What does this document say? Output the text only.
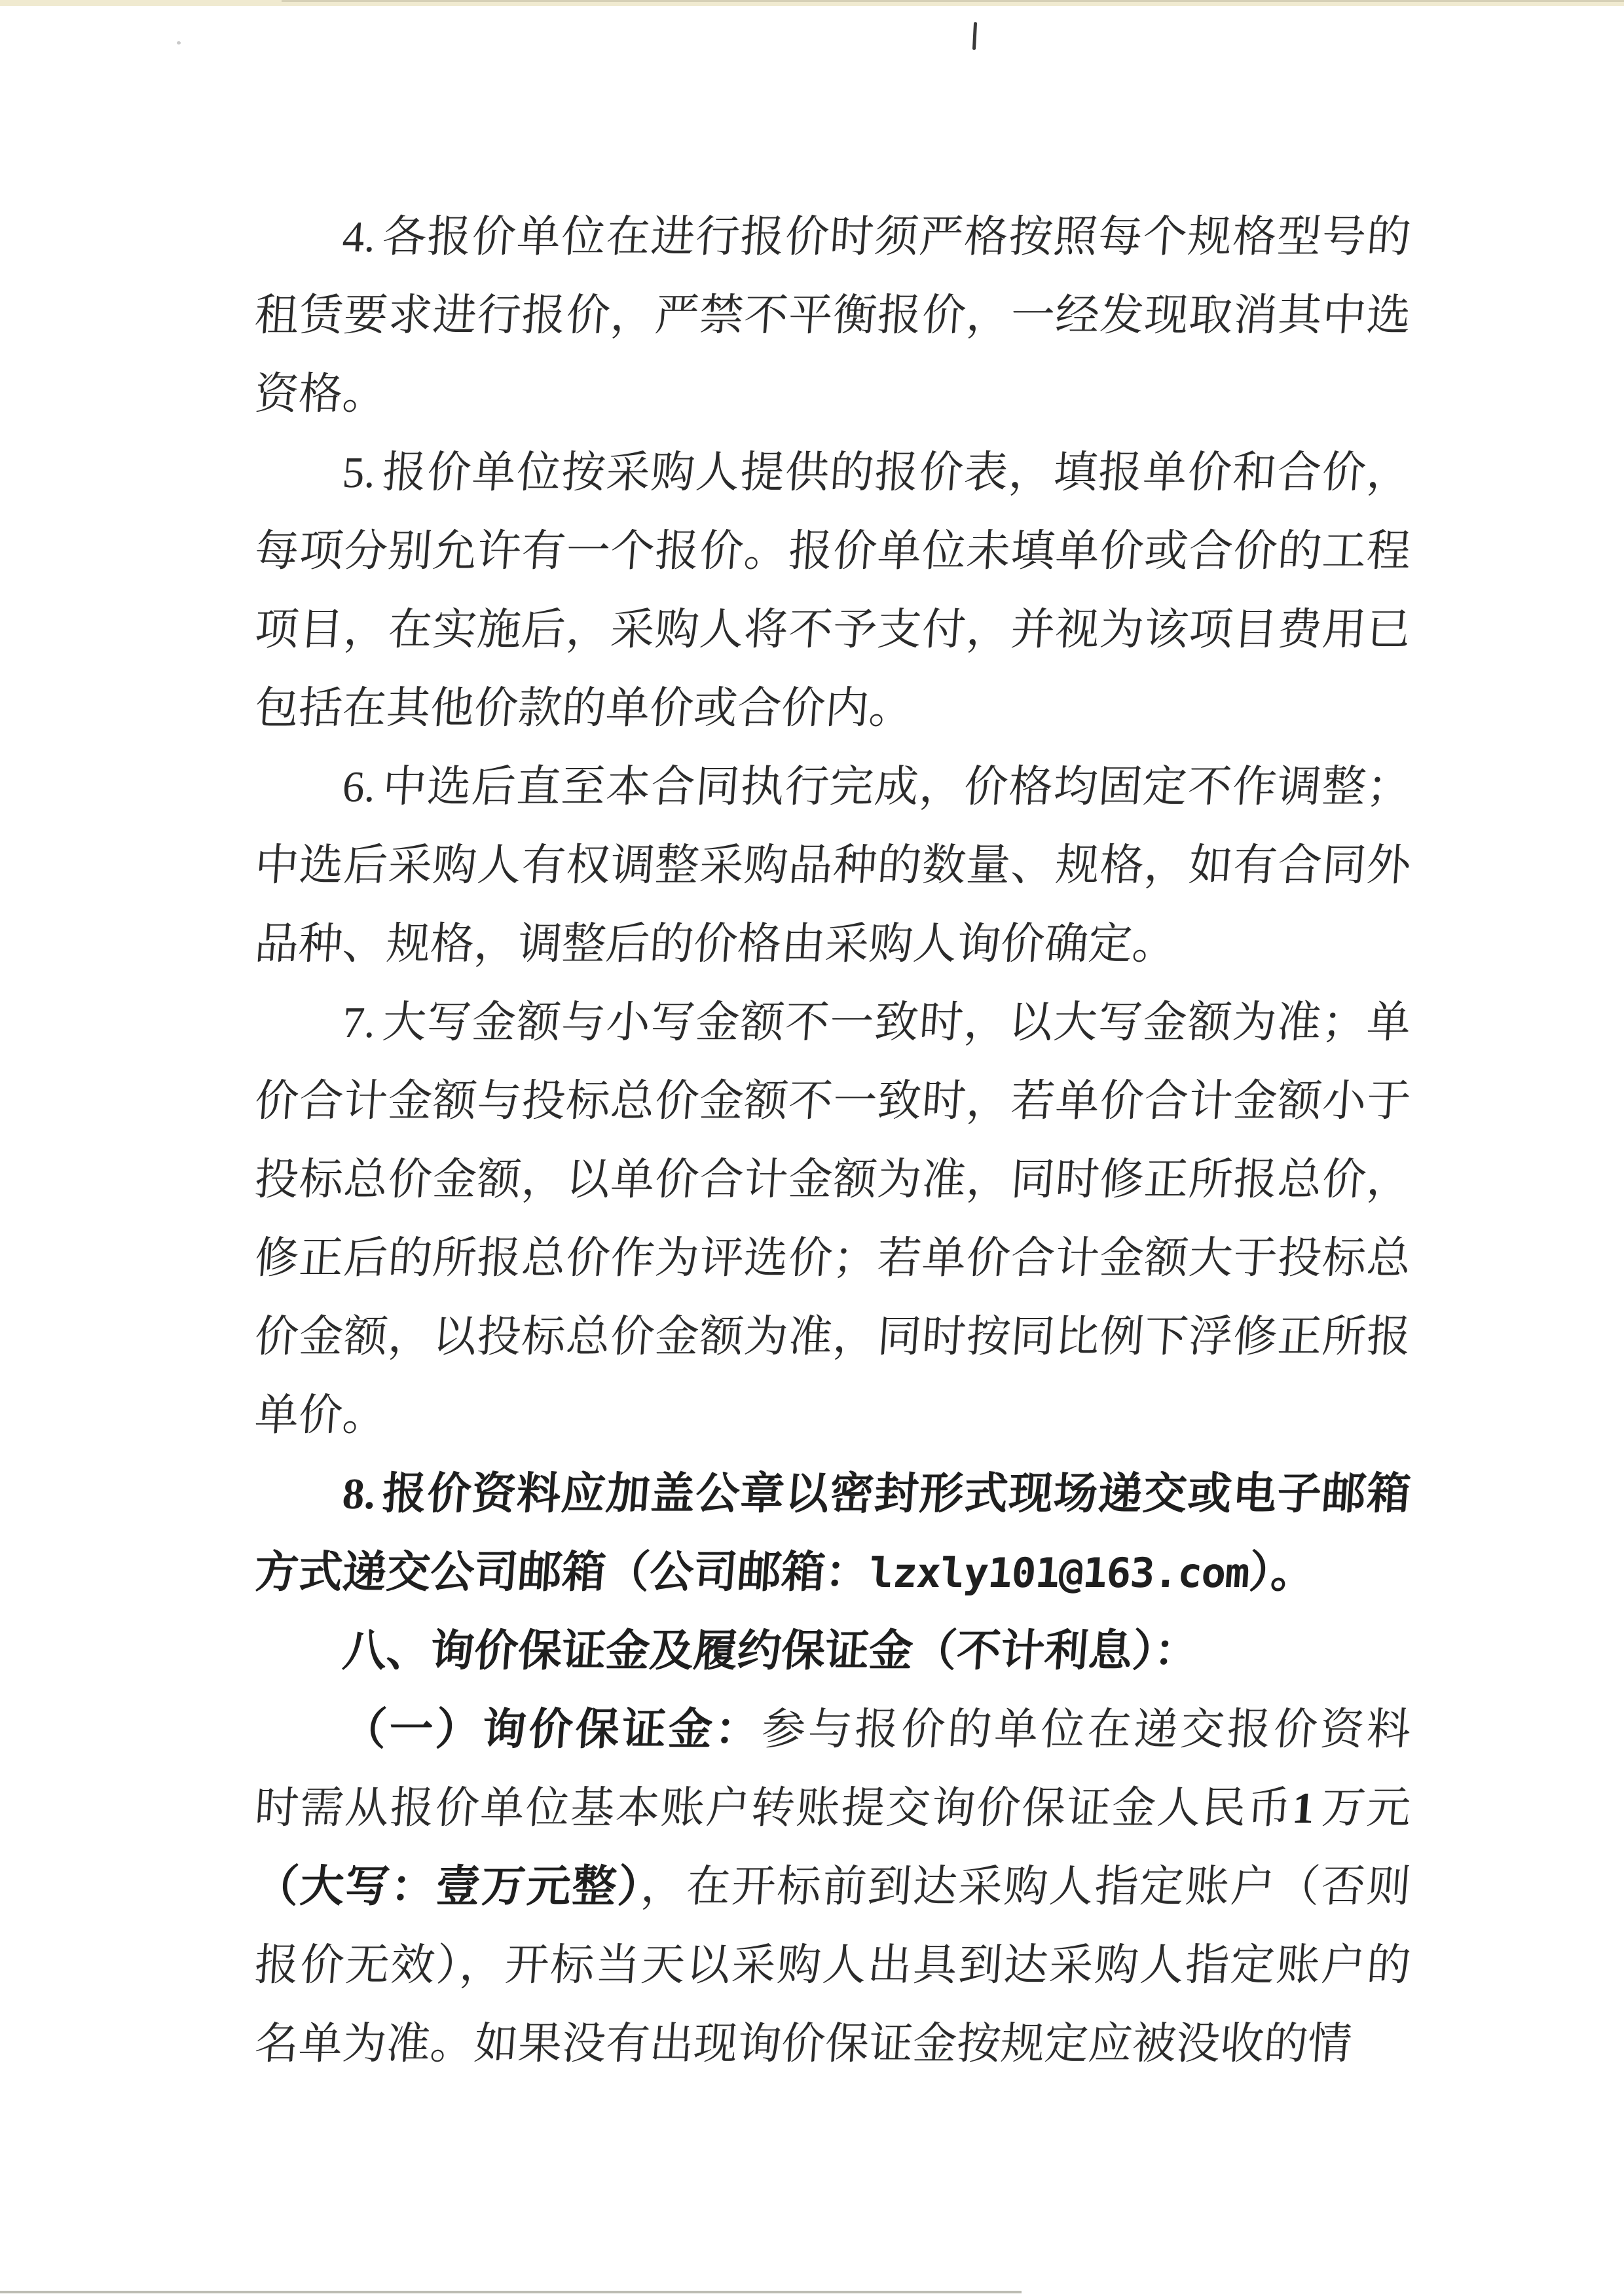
4.各报价单位在进行报价时须严格按照每个规格型号的
租赁要求进行报价，严禁不平衡报价，一经发现取消其中选
资格。
5.报价单位按采购人提供的报价表，填报单价和合价，
每项分别允许有一个报价。报价单位未填单价或合价的工程
项目，在实施后，采购人将不予支付，并视为该项目费用已
包括在其他价款的单价或合价内。
6.中选后直至本合同执行完成，价格均固定不作调整；
中选后采购人有权调整采购品种的数量、规格，如有合同外
品种、规格，调整后的价格由采购人询价确定。
7.大写金额与小写金额不一致时，以大写金额为准；单
价合计金额与投标总价金额不一致时，若单价合计金额小于
投标总价金额，以单价合计金额为准，同时修正所报总价，
修正后的所报总价作为评选价；若单价合计金额大于投标总
价金额，以投标总价金额为准，同时按同比例下浮修正所报
单价。
8.报价资料应加盖公章以密封形式现场递交或电子邮箱
方式递交公司邮箱（公司邮箱：lzxly101@163.com）。
八、询价保证金及履约保证金（不计利息）：
（一）询价保证金：参与报价的单位在递交报价资料
时需从报价单位基本账户转账提交询价保证金人民币1万元
（大写：壹万元整），在开标前到达采购人指定账户（否则
报价无效），开标当天以采购人出具到达采购人指定账户的
名单为准。如果没有出现询价保证金按规定应被没收的情
